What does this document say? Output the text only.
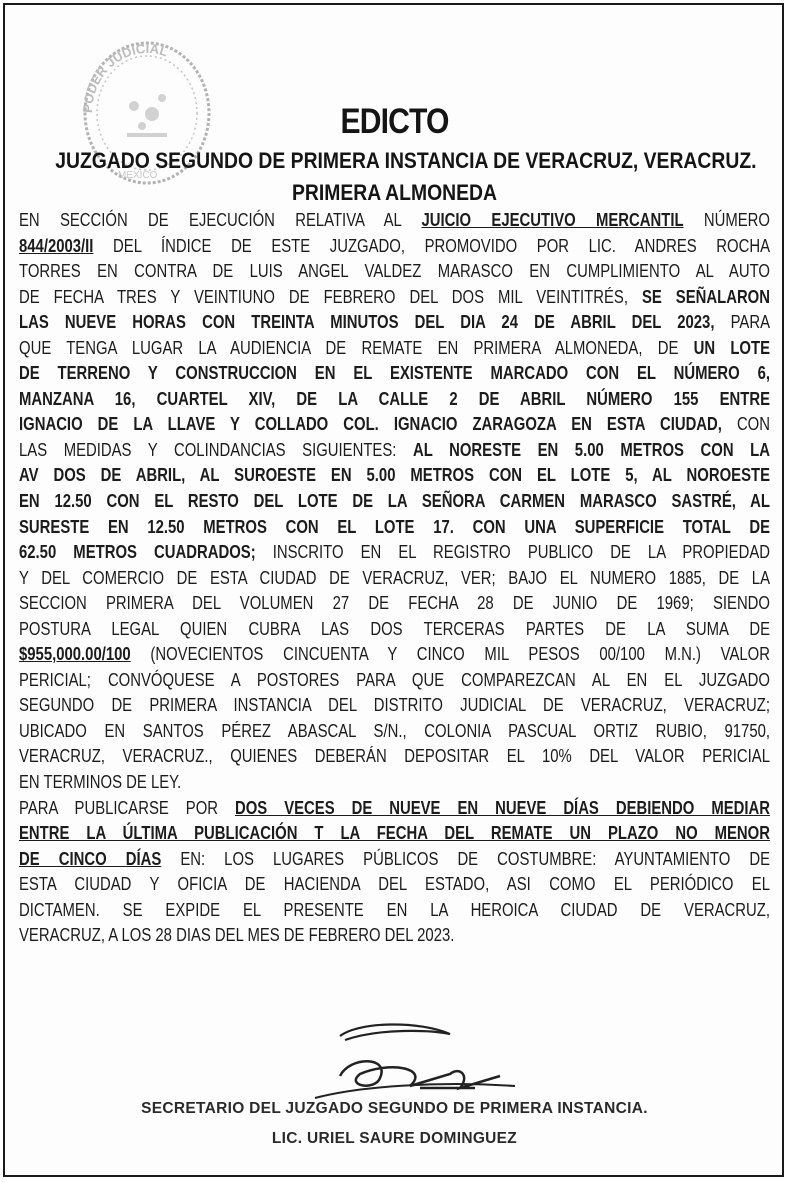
PODER JUDICIAL
MEXICO
EDICTO
JUZGADO SEGUNDO DE PRIMERA INSTANCIA DE VERACRUZ, VERACRUZ.
PRIMERA ALMONEDA
EN SECCIÓN DE EJECUCIÓN RELATIVA AL JUICIO EJECUTIVO MERCANTIL NÚMERO
844/2003/II DEL ÍNDICE DE ESTE JUZGADO, PROMOVIDO POR LIC. ANDRES ROCHA
TORRES EN CONTRA DE LUIS ANGEL VALDEZ MARASCO EN CUMPLIMIENTO AL AUTO
DE FECHA TRES Y VEINTIUNO DE FEBRERO DEL DOS MIL VEINTITRÉS, SE SEÑALARON
LAS NUEVE HORAS CON TREINTA MINUTOS DEL DIA 24 DE ABRIL DEL 2023, PARA
QUE TENGA LUGAR LA AUDIENCIA DE REMATE EN PRIMERA ALMONEDA, DE UN LOTE
DE TERRENO Y CONSTRUCCION EN EL EXISTENTE MARCADO CON EL NÚMERO 6,
MANZANA 16, CUARTEL XIV, DE LA CALLE 2 DE ABRIL NÚMERO 155 ENTRE
IGNACIO DE LA LLAVE Y COLLADO COL. IGNACIO ZARAGOZA EN ESTA CIUDAD, CON
LAS MEDIDAS Y COLINDANCIAS SIGUIENTES: AL NORESTE EN 5.00 METROS CON LA
AV DOS DE ABRIL, AL SUROESTE EN 5.00 METROS CON EL LOTE 5, AL NOROESTE
EN 12.50 CON EL RESTO DEL LOTE DE LA SEÑORA CARMEN MARASCO SASTRÉ, AL
SURESTE EN 12.50 METROS CON EL LOTE 17. CON UNA SUPERFICIE TOTAL DE
62.50 METROS CUADRADOS; INSCRITO EN EL REGISTRO PUBLICO DE LA PROPIEDAD
Y DEL COMERCIO DE ESTA CIUDAD DE VERACRUZ, VER; BAJO EL NUMERO 1885, DE LA
SECCION PRIMERA DEL VOLUMEN 27 DE FECHA 28 DE JUNIO DE 1969; SIENDO
POSTURA LEGAL QUIEN CUBRA LAS DOS TERCERAS PARTES DE LA SUMA DE
$955,000.00/100 (NOVECIENTOS CINCUENTA Y CINCO MIL PESOS 00/100 M.N.) VALOR
PERICIAL; CONVÓQUESE A POSTORES PARA QUE COMPAREZCAN AL EN EL JUZGADO
SEGUNDO DE PRIMERA INSTANCIA DEL DISTRITO JUDICIAL DE VERACRUZ, VERACRUZ;
UBICADO EN SANTOS PÉREZ ABASCAL S/N., COLONIA PASCUAL ORTIZ RUBIO, 91750,
VERACRUZ, VERACRUZ., QUIENES DEBERÁN DEPOSITAR EL 10% DEL VALOR PERICIAL
EN TERMINOS DE LEY.
PARA PUBLICARSE POR DOS VECES DE NUEVE EN NUEVE DÍAS DEBIENDO MEDIAR
ENTRE LA ÚLTIMA PUBLICACIÓN T LA FECHA DEL REMATE UN PLAZO NO MENOR
DE CINCO DÍAS EN: LOS LUGARES PÚBLICOS DE COSTUMBRE: AYUNTAMIENTO DE
ESTA CIUDAD Y OFICIA DE HACIENDA DEL ESTADO, ASI COMO EL PERIÓDICO EL
DICTAMEN. SE EXPIDE EL PRESENTE EN LA HEROICA CIUDAD DE VERACRUZ,
VERACRUZ, A LOS 28 DIAS DEL MES DE FEBRERO DEL 2023.
SECRETARIO DEL JUZGADO SEGUNDO DE PRIMERA INSTANCIA.
LIC. URIEL SAURE DOMINGUEZ
